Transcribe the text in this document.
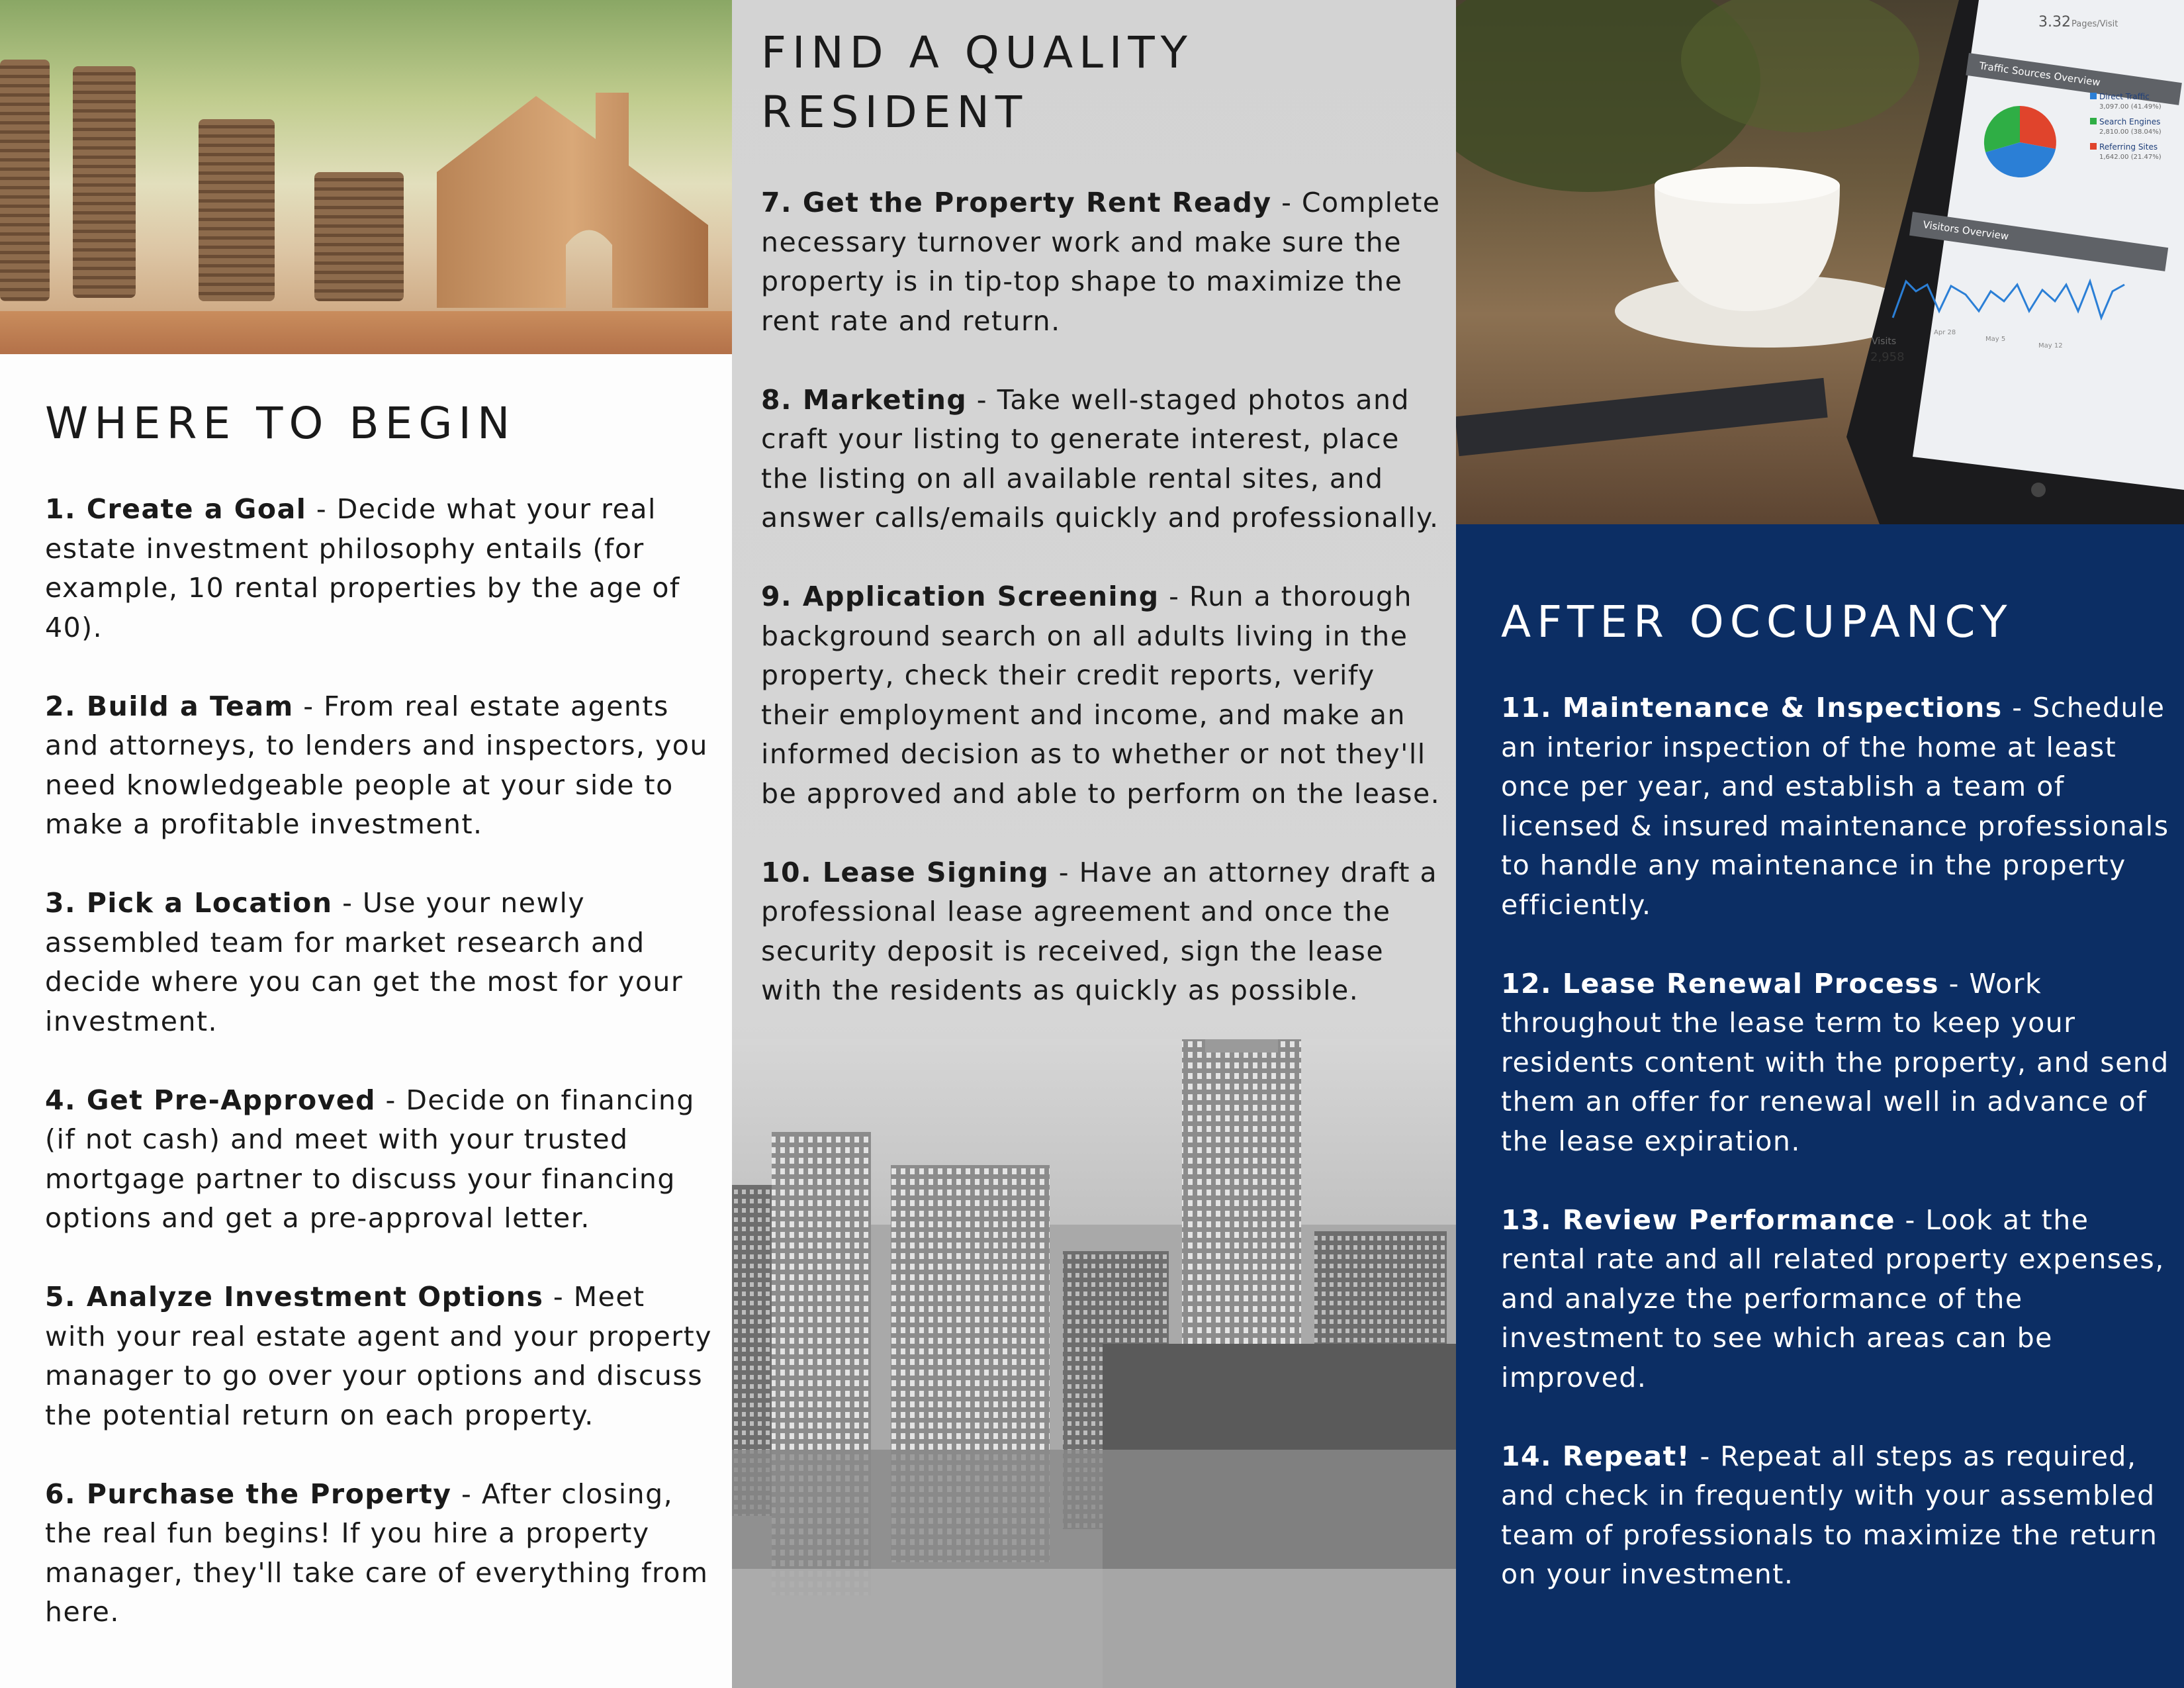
WHERE TO BEGIN

1. Create a Goal - Decide what your real estate investment philosophy entails (for example, 10 rental properties by the age of 40).

2. Build a Team - From real estate agents and attorneys, to lenders and inspectors, you need knowledgeable people at your side to make a profitable investment.

3. Pick a Location - Use your newly assembled team for market research and decide where you can get the most for your investment.

4. Get Pre-Approved - Decide on financing (if not cash) and meet with your trusted mortgage partner to discuss your financing options and get a pre-approval letter.

5. Analyze Investment Options - Meet with your real estate agent and your property manager to go over your options and discuss the potential return on each property.

6. Purchase the Property - After closing, the real fun begins! If you hire a property manager, they'll take care of everything from here.

FIND A QUALITY
RESIDENT

7. Get the Property Rent Ready - Complete necessary turnover work and make sure the property is in tip-top shape to maximize the rent rate and return.

8. Marketing - Take well-staged photos and craft your listing to generate interest, place the listing on all available rental sites, and answer calls/emails quickly and professionally.

9. Application Screening - Run a thorough background search on all adults living in the property, check their credit reports, verify their employment and income, and make an informed decision as to whether or not they'll be approved and able to perform on the lease.

10. Lease Signing - Have an attorney draft a professional lease agreement and once the security deposit is received, sign the lease with the residents as quickly as possible.

3.32 Pages/Visit
Traffic Sources Overview
Direct Traffic
3,097.00 (41.49%)
Search Engines
2,810.00 (38.04%)
Referring Sites
1,642.00 (21.47%)
Visitors Overview
Apr 28
May 5
May 12
Visits
2,958
AFTER OCCUPANCY

11. Maintenance & Inspections - Schedule an interior inspection of the home at least once per year, and establish a team of licensed & insured maintenance professionals to handle any maintenance in the property efficiently.

12. Lease Renewal Process - Work throughout the lease term to keep your residents content with the property, and send them an offer for renewal well in advance of the lease expiration.

13. Review Performance - Look at the rental rate and all related property expenses, and analyze the performance of the investment to see which areas can be improved.

14. Repeat! - Repeat all steps as required, and check in frequently with your assembled team of professionals to maximize the return on your investment.
